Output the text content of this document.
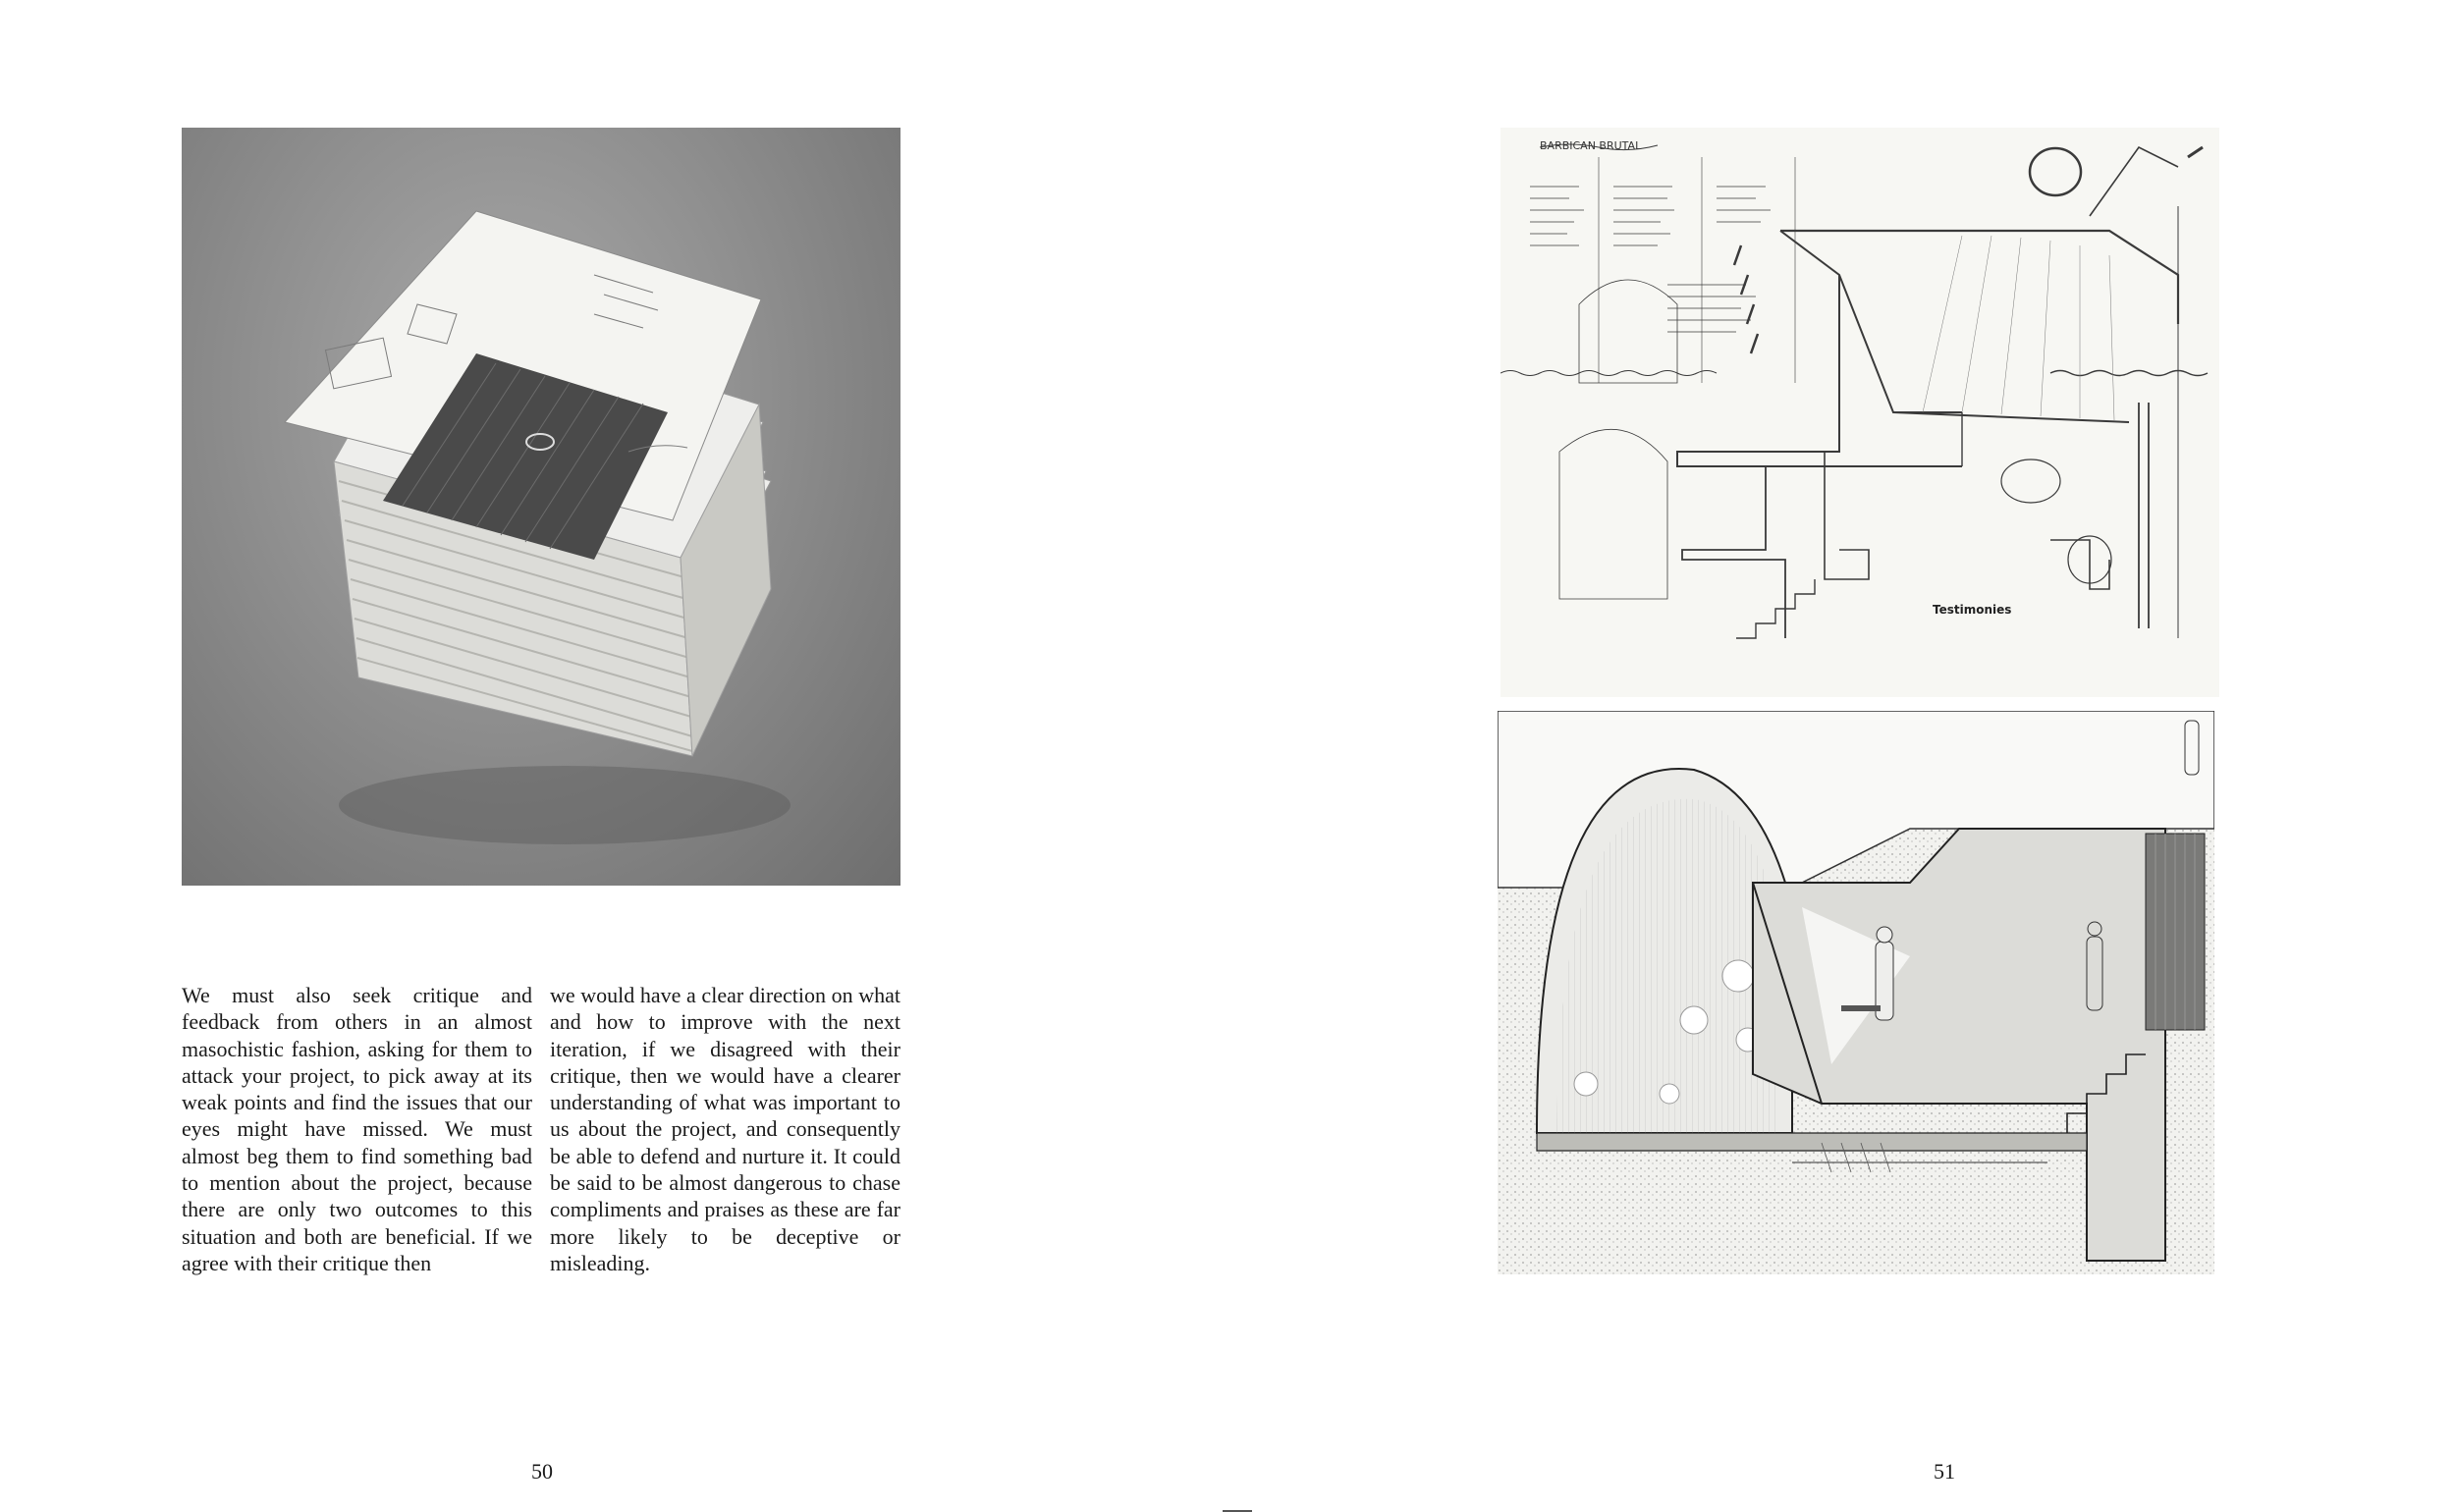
We must also seek critique and feedback from others in an almost masochistic fashion, asking for them to attack your project, to pick away at its weak points and find the issues that our eyes might have missed. We must almost beg them to find something bad to mention about the project, because there are only two outcomes to this situation and both are beneficial. If we agree with their critique then

we would have a clear direction on what and how to improve with the next iteration, if we disagreed with their critique, then we would have a clearer understanding of what was important to us about the project, and consequently be able to defend and nurture it. It could be said to be almost dangerous to chase compliments and praises as these are far more likely to be deceptive or misleading.

50
BARBICAN BRUTAL
Testimonies
51
